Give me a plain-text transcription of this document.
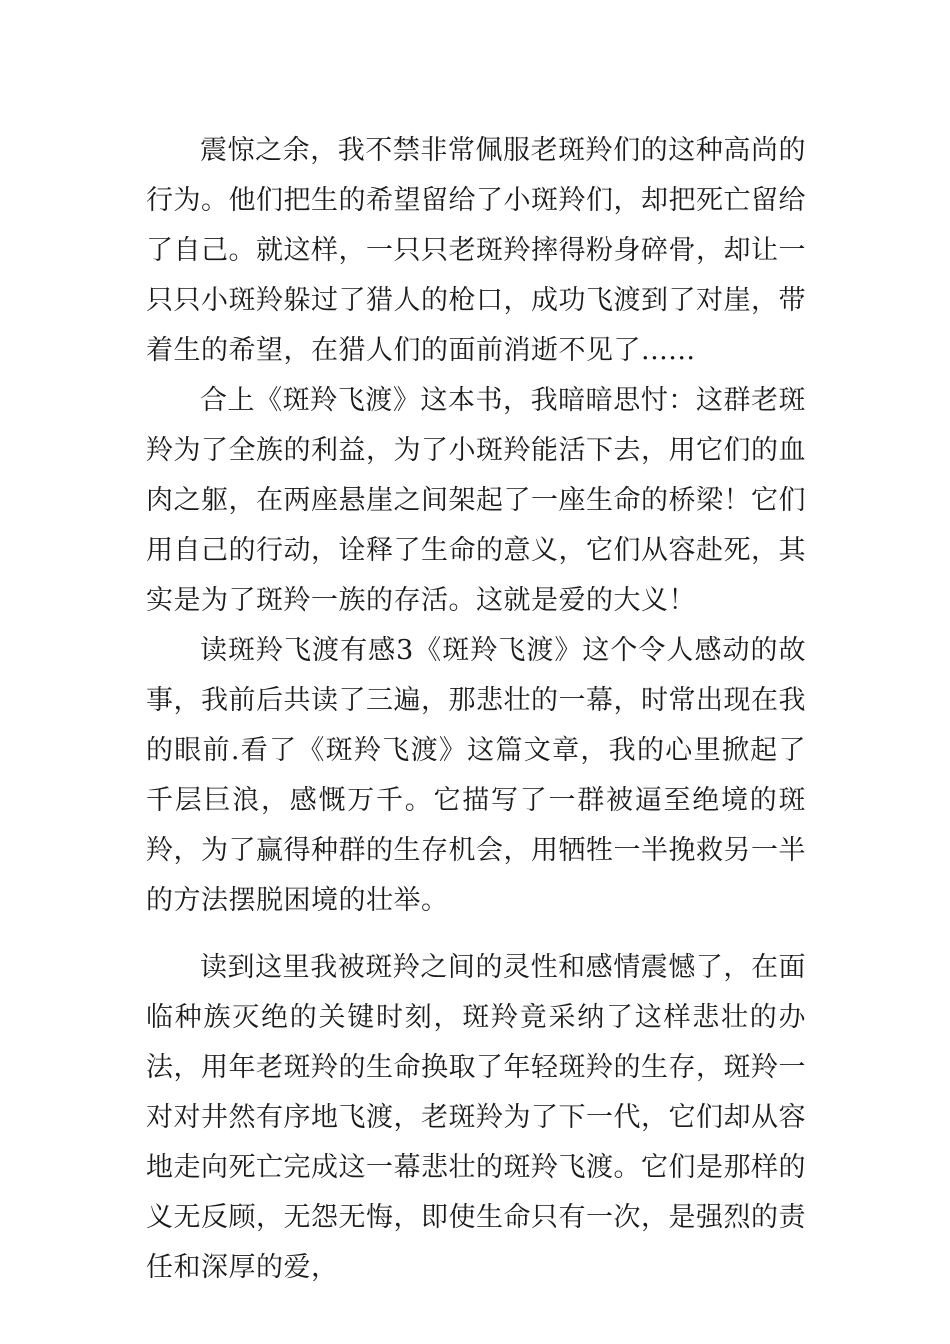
震惊之余，我不禁非常佩服老斑羚们的这种高尚的行为。他们把生的希望留给了小斑羚们，却把死亡留给了自己。就这样，一只只老斑羚摔得粉身碎骨，却让一只只小斑羚躲过了猎人的枪口，成功飞渡到了对崖，带着生的希望，在猎人们的面前消逝不见了......

合上《斑羚飞渡》这本书，我暗暗思忖：这群老斑羚为了全族的利益，为了小斑羚能活下去，用它们的血肉之躯，在两座悬崖之间架起了一座生命的桥梁！它们用自己的行动，诠释了生命的意义，它们从容赴死，其实是为了斑羚一族的存活。这就是爱的大义！

读斑羚飞渡有感3《斑羚飞渡》这个令人感动的故事，我前后共读了三遍，那悲壮的一幕，时常出现在我的眼前.看了《斑羚飞渡》这篇文章，我的心里掀起了千层巨浪，感慨万千。它描写了一群被逼至绝境的斑羚，为了赢得种群的生存机会，用牺牲一半挽救另一半的方法摆脱困境的壮举。

读到这里我被斑羚之间的灵性和感情震憾了，在面临种族灭绝的关键时刻，斑羚竟采纳了这样悲壮的办法，用年老斑羚的生命换取了年轻斑羚的生存，斑羚一对对井然有序地飞渡，老斑羚为了下一代，它们却从容地走向死亡完成这一幕悲壮的斑羚飞渡。它们是那样的义无反顾，无怨无悔，即使生命只有一次，是强烈的责任和深厚的爱，
